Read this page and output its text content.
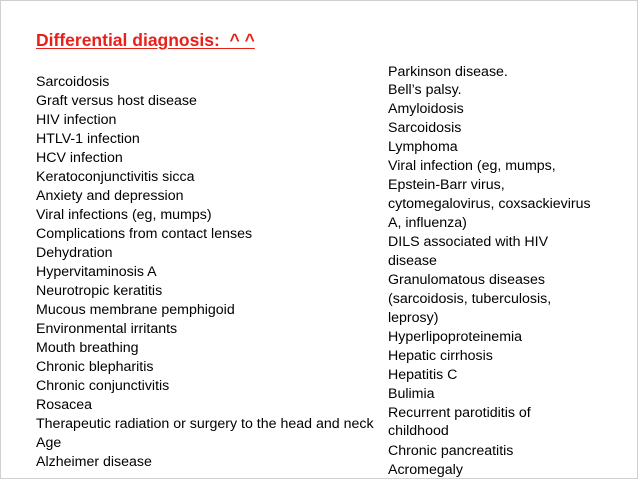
Differential diagnosis:  ^ ^
Sarcoidosis
Graft versus host disease
HIV infection
HTLV-1 infection
HCV infection
Keratoconjunctivitis sicca
Anxiety and depression
Viral infections (eg, mumps)
Complications from contact lenses
Dehydration
Hypervitaminosis A
Neurotropic keratitis
Mucous membrane pemphigoid
Environmental irritants
Mouth breathing
Chronic blepharitis
Chronic conjunctivitis
Rosacea
Therapeutic radiation or surgery to the head and neck
Age
Alzheimer disease
Parkinson disease.
Bell’s palsy.
Amyloidosis
Sarcoidosis
Lymphoma
Viral infection (eg, mumps,
Epstein-Barr virus,
cytomegalovirus, coxsackievirus
A, influenza)
DILS associated with HIV
disease
Granulomatous diseases
(sarcoidosis, tuberculosis,
leprosy)
Hyperlipoproteinemia
Hepatic cirrhosis
Hepatitis C
Bulimia
Recurrent parotiditis of
childhood
Chronic pancreatitis
Acromegaly
